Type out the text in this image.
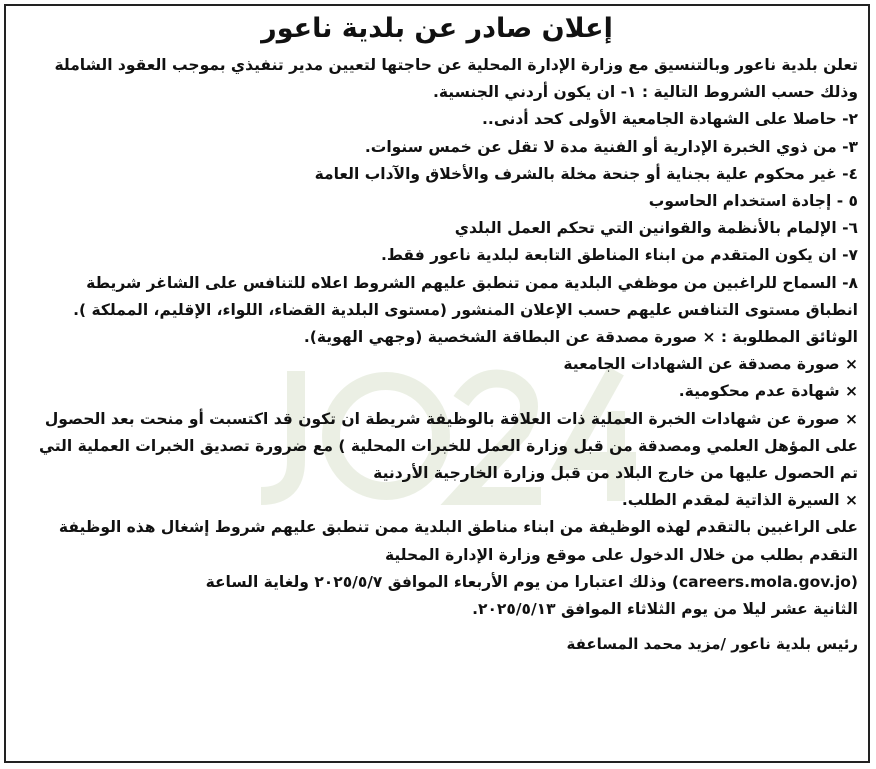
إعلان صادر عن بلدية ناعور
تعلن بلدية ناعور وبالتنسيق مع وزارة الإدارة المحلية عن حاجتها لتعيين مدير تنفيذي بموجب العقود الشاملة
وذلك حسب الشروط التالية : ١- ان يكون أردني الجنسية.
٢- حاصلا على الشهادة الجامعية الأولى كحد أدنى..
٣- من ذوي الخبرة الإدارية أو الفنية مدة لا تقل عن خمس سنوات.
٤- غير محكوم علية بجناية أو جنحة مخلة بالشرف والأخلاق والآداب العامة
٥ - إجادة استخدام الحاسوب
٦- الإلمام بالأنظمة والقوانين التي تحكم العمل البلدي
٧- ان يكون المتقدم من ابناء المناطق التابعة لبلدية ناعور فقط.
٨- السماح للراغبين من موظفي البلدية ممن تنطبق عليهم الشروط اعلاه للتنافس على الشاغر شريطة
انطباق مستوى التنافس عليهم حسب الإعلان المنشور (مستوى البلدية القضاء، اللواء، الإقليم، المملكة ).
الوثائق المطلوبة : × صورة مصدقة عن البطاقة الشخصية (وجهي الهوية).
× صورة مصدقة عن الشهادات الجامعية
× شهادة عدم محكومية.
× صورة عن شهادات الخبرة العملية ذات العلاقة بالوظيفة شريطة ان تكون قد اكتسبت أو منحت بعد الحصول
على المؤهل العلمي ومصدقة من قبل وزارة العمل للخبرات المحلية ) مع ضرورة تصديق الخبرات العملية التي
تم الحصول عليها من خارج البلاد من قبل وزارة الخارجية الأردنية
× السيرة الذاتية لمقدم الطلب.
على الراغبين بالتقدم لهذه الوظيفة من ابناء مناطق البلدية ممن تنطبق عليهم شروط إشغال هذه الوظيفة
التقدم بطلب من خلال الدخول على موقع وزارة الإدارة المحلية
(careers.mola.gov.jo) وذلك اعتبارا من يوم الأربعاء الموافق ٢٠٢٥/٥/٧ ولغاية الساعة
الثانية عشر ليلا من يوم الثلاثاء الموافق ٢٠٢٥/٥/١٣.
رئيس بلدية ناعور /مزيد محمد المساعفة
